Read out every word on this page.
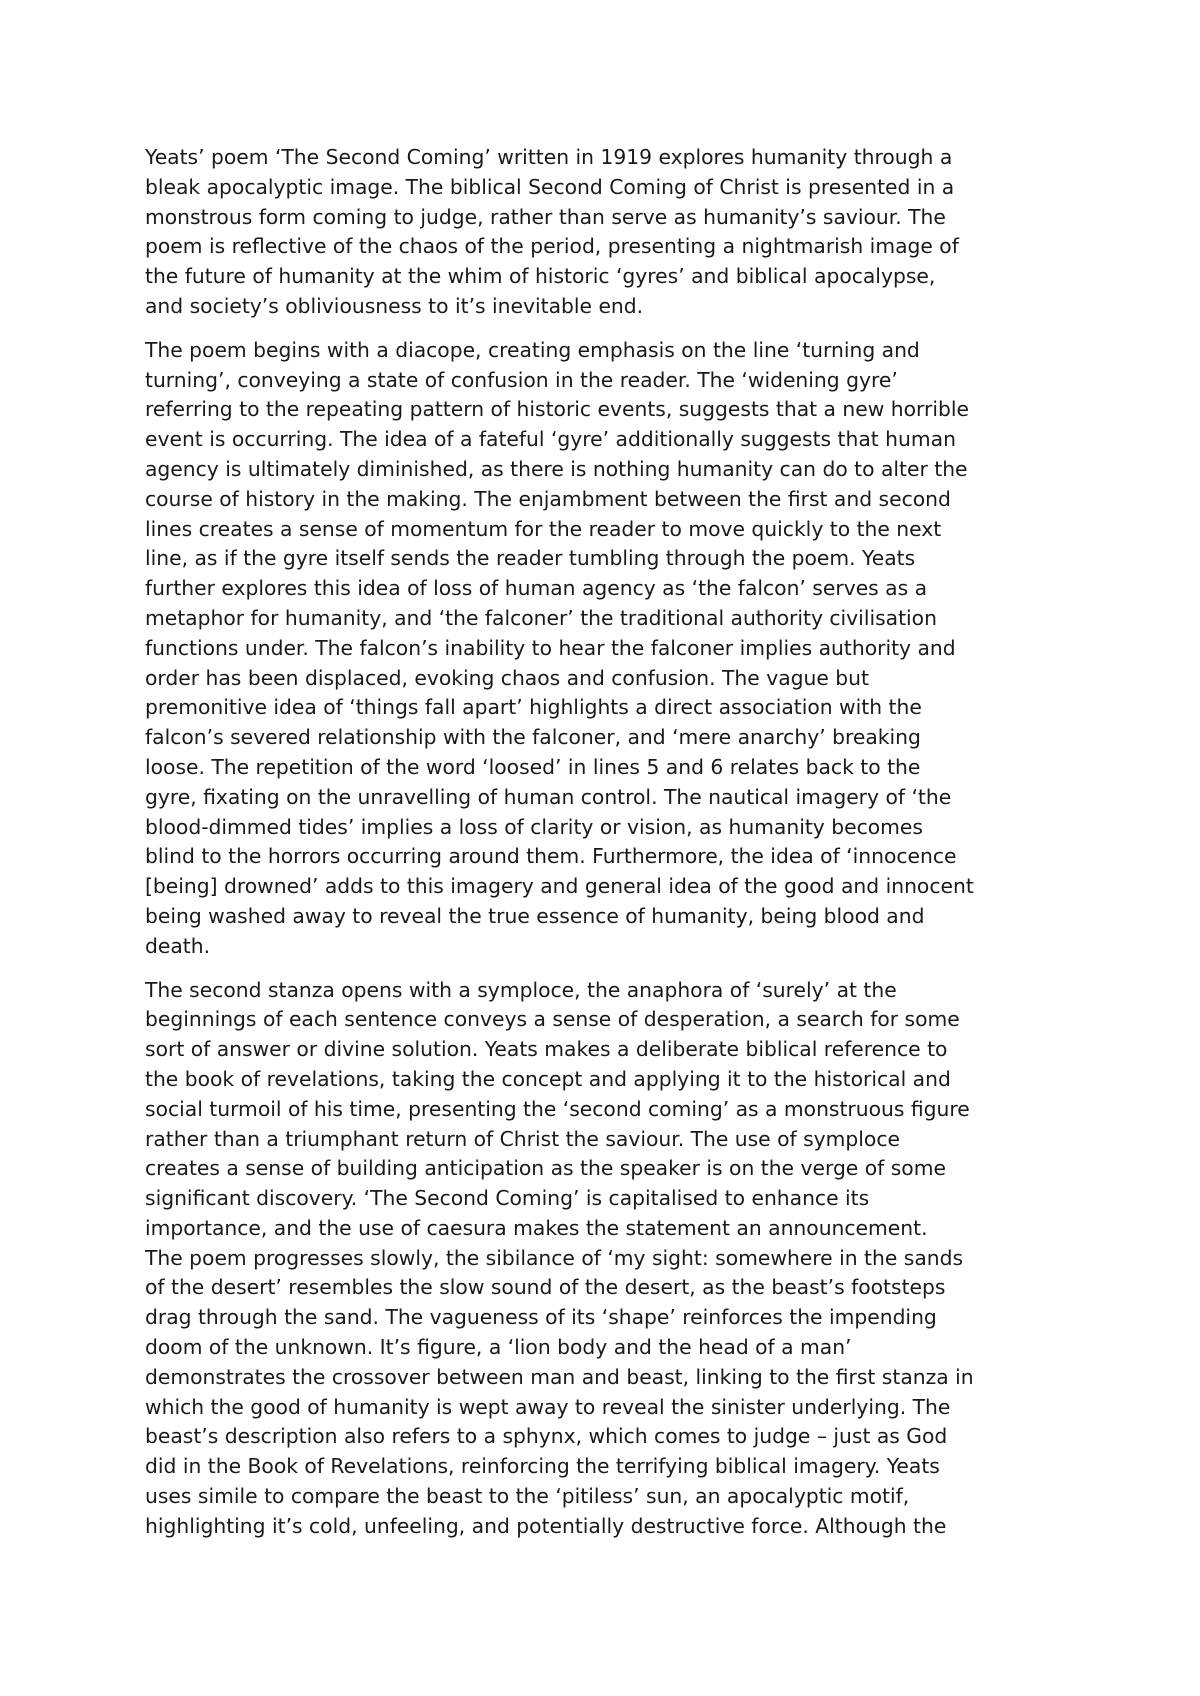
Yeats’ poem ‘The Second Coming’ written in 1919 explores humanity through a
bleak apocalyptic image. The biblical Second Coming of Christ is presented in a
monstrous form coming to judge, rather than serve as humanity’s saviour. The
poem is reflective of the chaos of the period, presenting a nightmarish image of
the future of humanity at the whim of historic ‘gyres’ and biblical apocalypse,
and society’s obliviousness to it’s inevitable end.

The poem begins with a diacope, creating emphasis on the line ‘turning and
turning’, conveying a state of confusion in the reader. The ‘widening gyre’
referring to the repeating pattern of historic events, suggests that a new horrible
event is occurring. The idea of a fateful ‘gyre’ additionally suggests that human
agency is ultimately diminished, as there is nothing humanity can do to alter the
course of history in the making. The enjambment between the first and second
lines creates a sense of momentum for the reader to move quickly to the next
line, as if the gyre itself sends the reader tumbling through the poem. Yeats
further explores this idea of loss of human agency as ‘the falcon’ serves as a
metaphor for humanity, and ‘the falconer’ the traditional authority civilisation
functions under. The falcon’s inability to hear the falconer implies authority and
order has been displaced, evoking chaos and confusion. The vague but
premonitive idea of ‘things fall apart’ highlights a direct association with the
falcon’s severed relationship with the falconer, and ‘mere anarchy’ breaking
loose. The repetition of the word ‘loosed’ in lines 5 and 6 relates back to the
gyre, fixating on the unravelling of human control. The nautical imagery of ‘the
blood-dimmed tides’ implies a loss of clarity or vision, as humanity becomes
blind to the horrors occurring around them. Furthermore, the idea of ‘innocence
[being] drowned’ adds to this imagery and general idea of the good and innocent
being washed away to reveal the true essence of humanity, being blood and
death.

The second stanza opens with a symploce, the anaphora of ‘surely’ at the
beginnings of each sentence conveys a sense of desperation, a search for some
sort of answer or divine solution. Yeats makes a deliberate biblical reference to
the book of revelations, taking the concept and applying it to the historical and
social turmoil of his time, presenting the ‘second coming’ as a monstruous figure
rather than a triumphant return of Christ the saviour. The use of symploce
creates a sense of building anticipation as the speaker is on the verge of some
significant discovery. ‘The Second Coming’ is capitalised to enhance its
importance, and the use of caesura makes the statement an announcement.
The poem progresses slowly, the sibilance of ‘my sight: somewhere in the sands
of the desert’ resembles the slow sound of the desert, as the beast’s footsteps
drag through the sand. The vagueness of its ‘shape’ reinforces the impending
doom of the unknown. It’s figure, a ‘lion body and the head of a man’
demonstrates the crossover between man and beast, linking to the first stanza in
which the good of humanity is wept away to reveal the sinister underlying. The
beast’s description also refers to a sphynx, which comes to judge – just as God
did in the Book of Revelations, reinforcing the terrifying biblical imagery. Yeats
uses simile to compare the beast to the ‘pitiless’ sun, an apocalyptic motif,
highlighting it’s cold, unfeeling, and potentially destructive force. Although the
